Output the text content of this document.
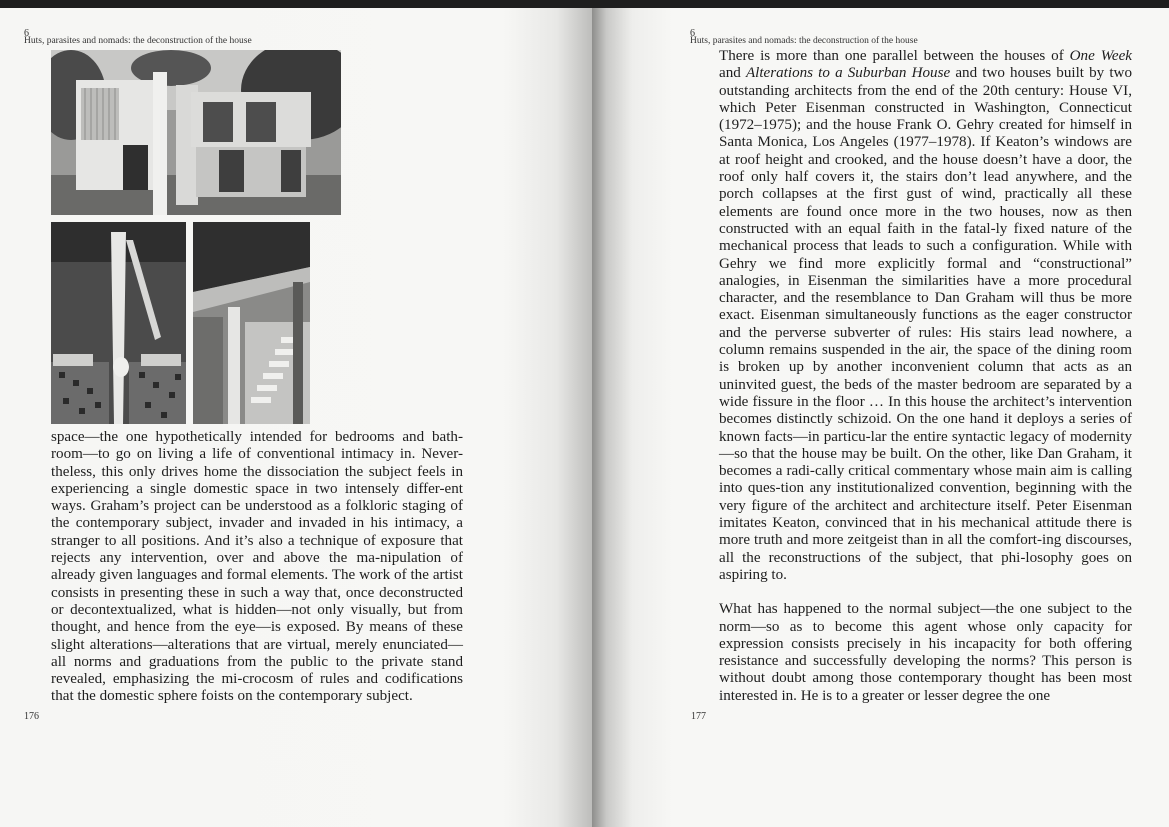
6
Huts, parasites and nomads: the deconstruction of the house

space—the one hypothetically intended for bedrooms and bath-room—to go on living a life of conventional intimacy in. Never-theless, this only drives home the dissociation the subject feels in experiencing a single domestic space in two intensely differ-ent ways. Graham’s project can be understood as a folkloric staging of the contemporary subject, invader and invaded in his intimacy, a stranger to all positions. And it’s also a technique of exposure that rejects any intervention, over and above the ma-nipulation of already given languages and formal elements. The work of the artist consists in presenting these in such a way that, once deconstructed or decontextualized, what is hidden—not only visually, but from thought, and hence from the eye—is exposed. By means of these slight alterations—alterations that are virtual, merely enunciated—all norms and graduations from the public to the private stand revealed, emphasizing the mi-crocosm of rules and codifications that the domestic sphere foists on the contemporary subject.

176
6
Huts, parasites and nomads: the deconstruction of the house

There is more than one parallel between the houses of One Week and Alterations to a Suburban House and two houses built by two outstanding architects from the end of the 20th century: House VI, which Peter Eisenman constructed in Washington, Connecticut (1972–1975); and the house Frank O. Gehry created for himself in Santa Monica, Los Angeles (1977–1978). If Keaton’s windows are at roof height and crooked, and the house doesn’t have a door, the roof only half covers it, the stairs don’t lead anywhere, and the porch collapses at the first gust of wind, practically all these elements are found once more in the two houses, now as then constructed with an equal faith in the fatal-ly fixed nature of the mechanical process that leads to such a configuration. While with Gehry we find more explicitly formal and “constructional” analogies, in Eisenman the similarities have a more procedural character, and the resemblance to Dan Graham will thus be more exact. Eisenman simultaneously functions as the eager constructor and the perverse subverter of rules: His stairs lead nowhere, a column remains suspended in the air, the space of the dining room is broken up by another inconvenient column that acts as an uninvited guest, the beds of the master bedroom are separated by a wide fissure in the floor … In this house the architect’s intervention becomes distinctly schizoid. On the one hand it deploys a series of known facts—in particu-lar the entire syntactic legacy of modernity—so that the house may be built. On the other, like Dan Graham, it becomes a radi-cally critical commentary whose main aim is calling into ques-tion any institutionalized convention, beginning with the very figure of the architect and architecture itself. Peter Eisenman imitates Keaton, convinced that in his mechanical attitude there is more truth and more zeitgeist than in all the comfort-ing discourses, all the reconstructions of the subject, that phi-losophy goes on aspiring to.

What has happened to the normal subject—the one subject to the norm—so as to become this agent whose only capacity for expression consists precisely in his incapacity for both offering resistance and successfully developing the norms? This person is without doubt among those contemporary thought has been most interested in. He is to a greater or lesser degree the one

177
